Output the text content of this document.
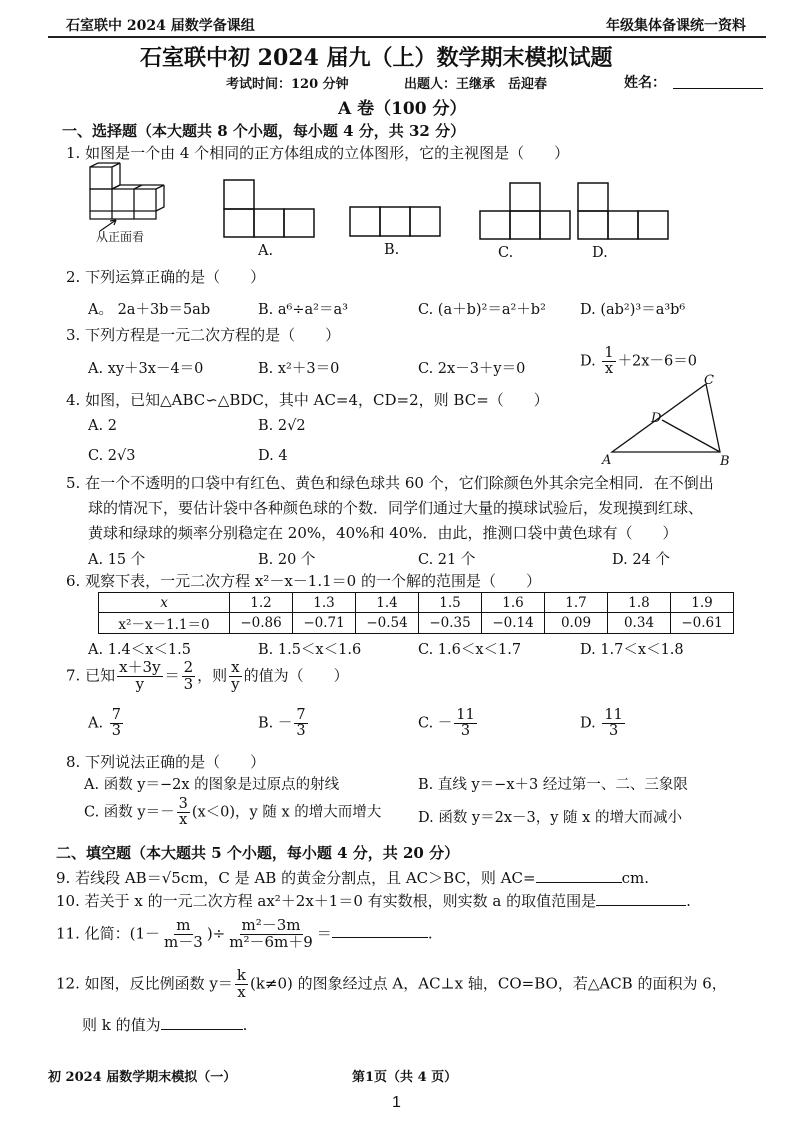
石室联中 2024 届数学备课组	年级集体备课统一资料
石室联中初 2024 届九（上）数学期末模拟试题
考试时间：120 分钟	出题人：王继承　岳迎春	姓名：
A 卷（100 分）
一、选择题（本大题共 8 个小题，每小题 4 分，共 32 分）
1. 如图是一个由 4 个相同的正方体组成的立体图形，它的主视图是（　　）
从正面看
A.	B.	C.	D.
2. 下列运算正确的是（　　）
A。 2a＋3b＝5ab	B. a⁶÷a²＝a³	C. (a＋b)²＝a²＋b² D. (ab²)³＝a³b⁶
3. 下列方程是一元二次方程的是（　　）
A. xy＋3x－4＝0	B. x²＋3＝0	C. 2x－3＋y＝0	D. $\frac{1}{x} +2x-6=0$
4. 如图，已知△ABC∽△BDC，其中 AC=4，CD=2，则 BC=（　　）
A. 2	B. 2√2
C. 2√3	D. 4
C
D
A	B
5. 在一个不透明的口袋中有红色、黄色和绿色球共 60 个，它们除颜色外其余完全相同．在不倒出
球的情况下，要估计袋中各种颜色球的个数．同学们通过大量的摸球试验后，发现摸到红球、
黄球和绿球的频率分别稳定在 20%，40%和 40%．由此，推测口袋中黄色球有（　　）
A. 15 个	B. 20 个	C. 21 个	D. 24 个
6. 观察下表，一元二次方程 x²－x－1.1＝0 的一个解的范围是（　　）
x	1.2	1.3	1.4	1.5	1.6	1.7	1.8	1.9
x²－x－1.1＝0	−0.86	−0.71	−0.54	−0.35	−0.14	0.09	0.34	−0.61
A. 1.4＜x＜1.5	B. 1.5＜x＜1.6	C. 1.6＜x＜1.7	D. 1.7＜x＜1.8
7. 已知 $\frac{x+3y}{y} = \frac{2}{3}$ ，则 $\frac{x}{y}$ 的值为（　　）
A. $\frac{7}{3}$	B. － $\frac{7}{3}$	C. － $\frac{11}{3}$	D. $\frac{11}{3}$
8. 下列说法正确的是（　　）
A. 函数 y＝−2x 的图象是过原点的射线	B. 直线 y＝−x＋3 经过第一、二、三象限
C. 函数 $y=- \frac{3}{x} (x<0)$，y 随 x 的增大而增大	D. 函数 y＝2x－3，y 随 x 的增大而减小
二、填空题（本大题共 5 个小题，每小题 4 分，共 20 分）
9. 若线段 AB＝√5cm，C 是 AB 的黄金分割点，且 AC＞BC，则 AC=	cm.
10. 若关于 x 的一元二次方程 ax²＋2x＋1＝0 有实数根，则实数 a 的取值范围是	.
11. 化简：($1- \frac{m}{m-3}$ )÷ $\frac{\text{m²－3m}}{\text{m²－6m＋9}}$ ＝	.
12. 如图，反比例函数 $y= \frac{k}{x} (k\ne 0)$ 的图象经过点 A，AC⊥x 轴，CO=BO，若△ACB 的面积为 6，
则 k 的值为	.
初 2024 届数学期末模拟（一）	第1页（共 4 页）
1
